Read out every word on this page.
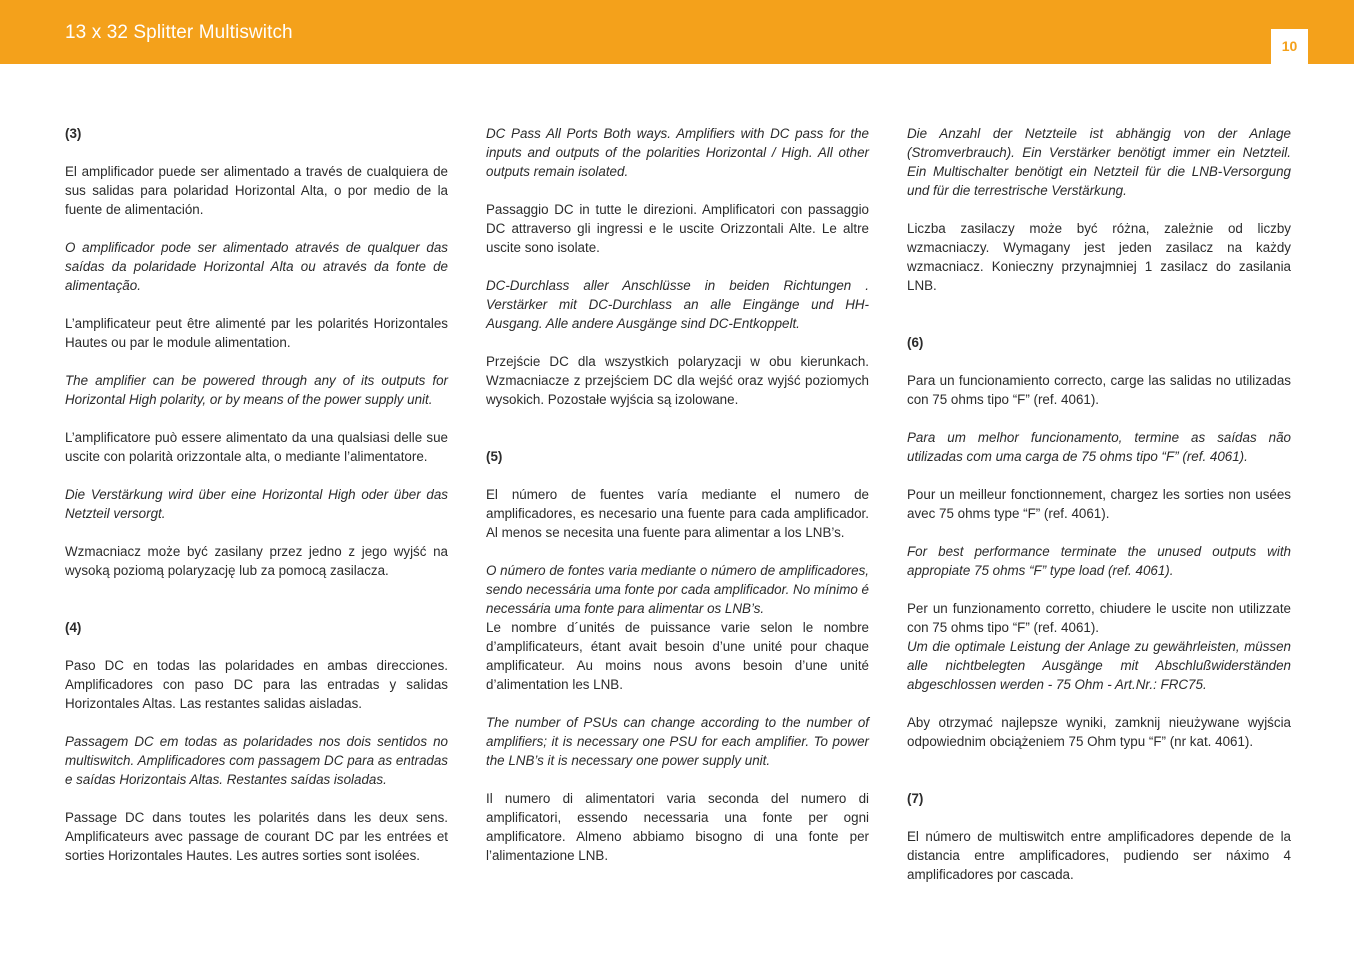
13 x 32 Splitter Multiswitch
10

(3)

El amplificador puede ser alimentado a través de cualquiera de sus salidas para polaridad Horizontal Alta, o por medio de la fuente de alimentación.

O amplificador pode ser alimentado através de qualquer das saídas da polaridade Horizontal Alta ou através da fonte de alimentação.

L’amplificateur peut être alimenté par les polarités Horizontales Hautes ou par le module alimentation.

The amplifier can be powered through any of its outputs for Horizontal High polarity, or by means of the power supply unit.

L’amplificatore può essere alimentato da una qualsiasi delle sue uscite con polarità orizzontale alta, o mediante l’alimentatore.

Die Verstärkung wird über eine Horizontal High oder über das Netzteil versorgt.

Wzmacniacz może być zasilany przez jedno z jego wyjść na wysoką poziomą polaryzację lub za pomocą zasilacza.

(4)

Paso DC en todas las polaridades en ambas direcciones. Amplificadores con paso DC para las entradas y salidas Horizontales Altas. Las restantes salidas aisladas.

Passagem DC em todas as polaridades nos dois sentidos no multiswitch. Amplificadores com passagem DC para as entradas e saídas Horizontais Altas. Restantes saídas isoladas.

Passage DC dans toutes les polarités dans les deux sens. Amplificateurs avec passage de courant DC par les entrées et sorties Horizontales Hautes. Les autres sorties sont isolées.

DC Pass All Ports Both ways. Amplifiers with DC pass for the inputs and outputs of the polarities Horizontal / High. All other outputs remain isolated.

Passaggio DC in tutte le direzioni. Amplificatori con passaggio DC attraverso gli ingressi e le uscite Orizzontali Alte. Le altre uscite sono isolate.

DC-Durchlass aller Anschlüsse in beiden Richtungen . Verstärker mit DC-Durchlass an alle Eingänge und HH-Ausgang. Alle andere Ausgänge sind DC-Entkoppelt.

Przejście DC dla wszystkich polaryzacji w obu kierunkach. Wzmacniacze z przejściem DC dla wejść oraz wyjść poziomych wysokich. Pozostałe wyjścia są izolowane.

(5)

El número de fuentes varía mediante el numero de amplificadores, es necesario una fuente para cada amplificador. Al menos se necesita una fuente para alimentar a los LNB’s.

O número de fontes varia mediante o número de amplificadores, sendo necessária uma fonte por cada amplificador. No mínimo é necessária uma fonte para alimentar os LNB’s.

Le nombre d´unités de puissance varie selon le nombre d’amplificateurs, étant avait besoin d’une unité pour chaque amplificateur. Au moins nous avons besoin d’une unité d’alimentation les LNB.

The number of PSUs can change according to the number of amplifiers; it is necessary one PSU for each amplifier. To power the LNB’s it is necessary one power supply unit.

Il numero di alimentatori varia seconda del numero di amplificatori, essendo necessaria una fonte per ogni amplificatore. Almeno abbiamo bisogno di una fonte per l’alimentazione LNB.

Die Anzahl der Netzteile ist abhängig von der Anlage (Stromverbrauch). Ein Verstärker benötigt immer ein Netzteil. Ein Multischalter benötigt ein Netzteil für die LNB-Versorgung und für die terrestrische Verstärkung.

Liczba zasilaczy może być różna, zależnie od liczby wzmacniaczy. Wymagany jest jeden zasilacz na każdy wzmacniacz. Konieczny przynajmniej 1 zasilacz do zasilania LNB.

(6)

Para un funcionamiento correcto, carge las salidas no utilizadas con 75 ohms tipo “F” (ref. 4061).

Para um melhor funcionamento, termine as saídas não utilizadas com uma carga de 75 ohms tipo “F” (ref. 4061).

Pour un meilleur fonctionnement, chargez les sorties non usées avec 75 ohms type “F” (ref. 4061).

For best performance terminate the unused outputs with appropiate 75 ohms “F” type load (ref. 4061).

Per un funzionamento corretto, chiudere le uscite non utilizzate con 75 ohms tipo “F” (ref. 4061).

Um die optimale Leistung der Anlage zu gewährleisten, müssen alle nichtbelegten Ausgänge mit Abschlußwiderständen abgeschlossen werden - 75 Ohm - Art.Nr.: FRC75.

Aby otrzymać najlepsze wyniki, zamknij nieużywane wyjścia odpowiednim obciążeniem 75 Ohm typu “F” (nr kat. 4061).

(7)

El número de multiswitch entre amplificadores depende de la distancia entre amplificadores, pudiendo ser náximo 4 amplificadores por cascada.
